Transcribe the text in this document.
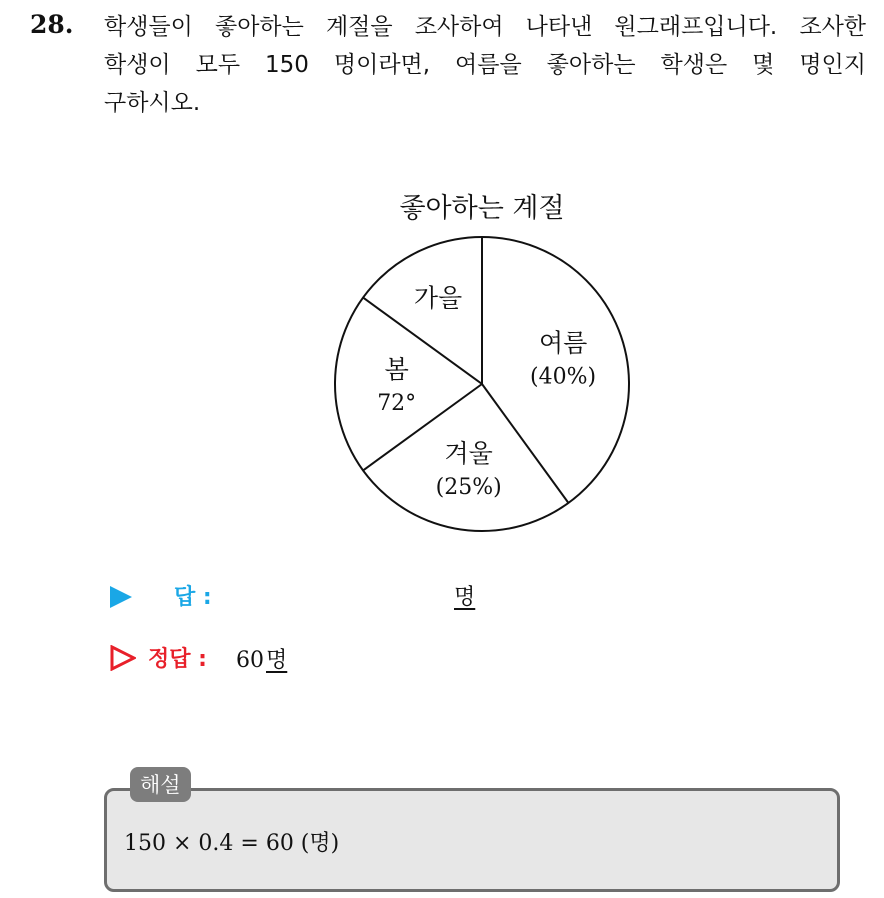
28. 학생들이 좋아하는 계절을 조사하여 나타낸 원그래프입니다. 조사한
학생이 모두 150 명이라면, 여름을 좋아하는 학생은 몇 명인지
구하시오.
좋아하는 계절
여름
(40%)
겨울
(25%)
봄
72°
가을
답 :	명
정답 : 60명
해설
150 × 0.4 = 60 (명)
